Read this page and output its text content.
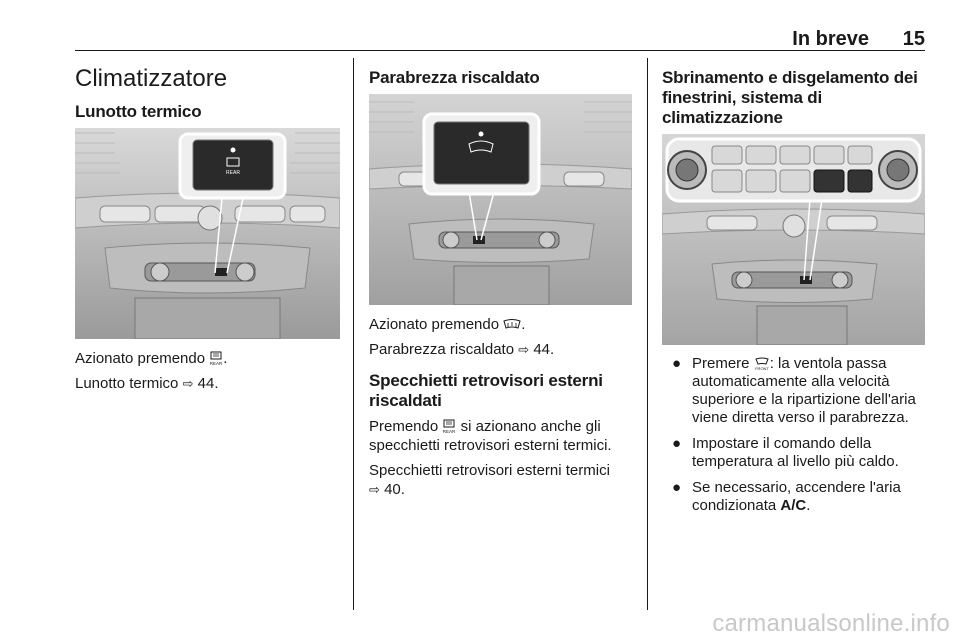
In breve 15
Climatizzatore
Lunotto termico
REAR

Azionato premendo REAR .

Lunotto termico ⇨ 44.

Parabrezza riscaldato

Azionato premendo .

Parabrezza riscaldato ⇨ 44.

Specchietti retrovisori esterni riscaldati

Premendo REAR si azionano anche gli specchietti retrovisori esterni termici.

Specchietti retrovisori esterni termici
⇨ 40.

Sbrinamento e disgelamento dei finestrini, sistema di climatizzazione
● Premere FRONT : la ventola passa automaticamente alla velocità superiore e la ripartizione dell'aria viene diretta verso il parabrezza.
● Impostare il comando della temperatura al livello più caldo.
● Se necessario, accendere l'aria condizionata A/C.
carmanualsonline.info
